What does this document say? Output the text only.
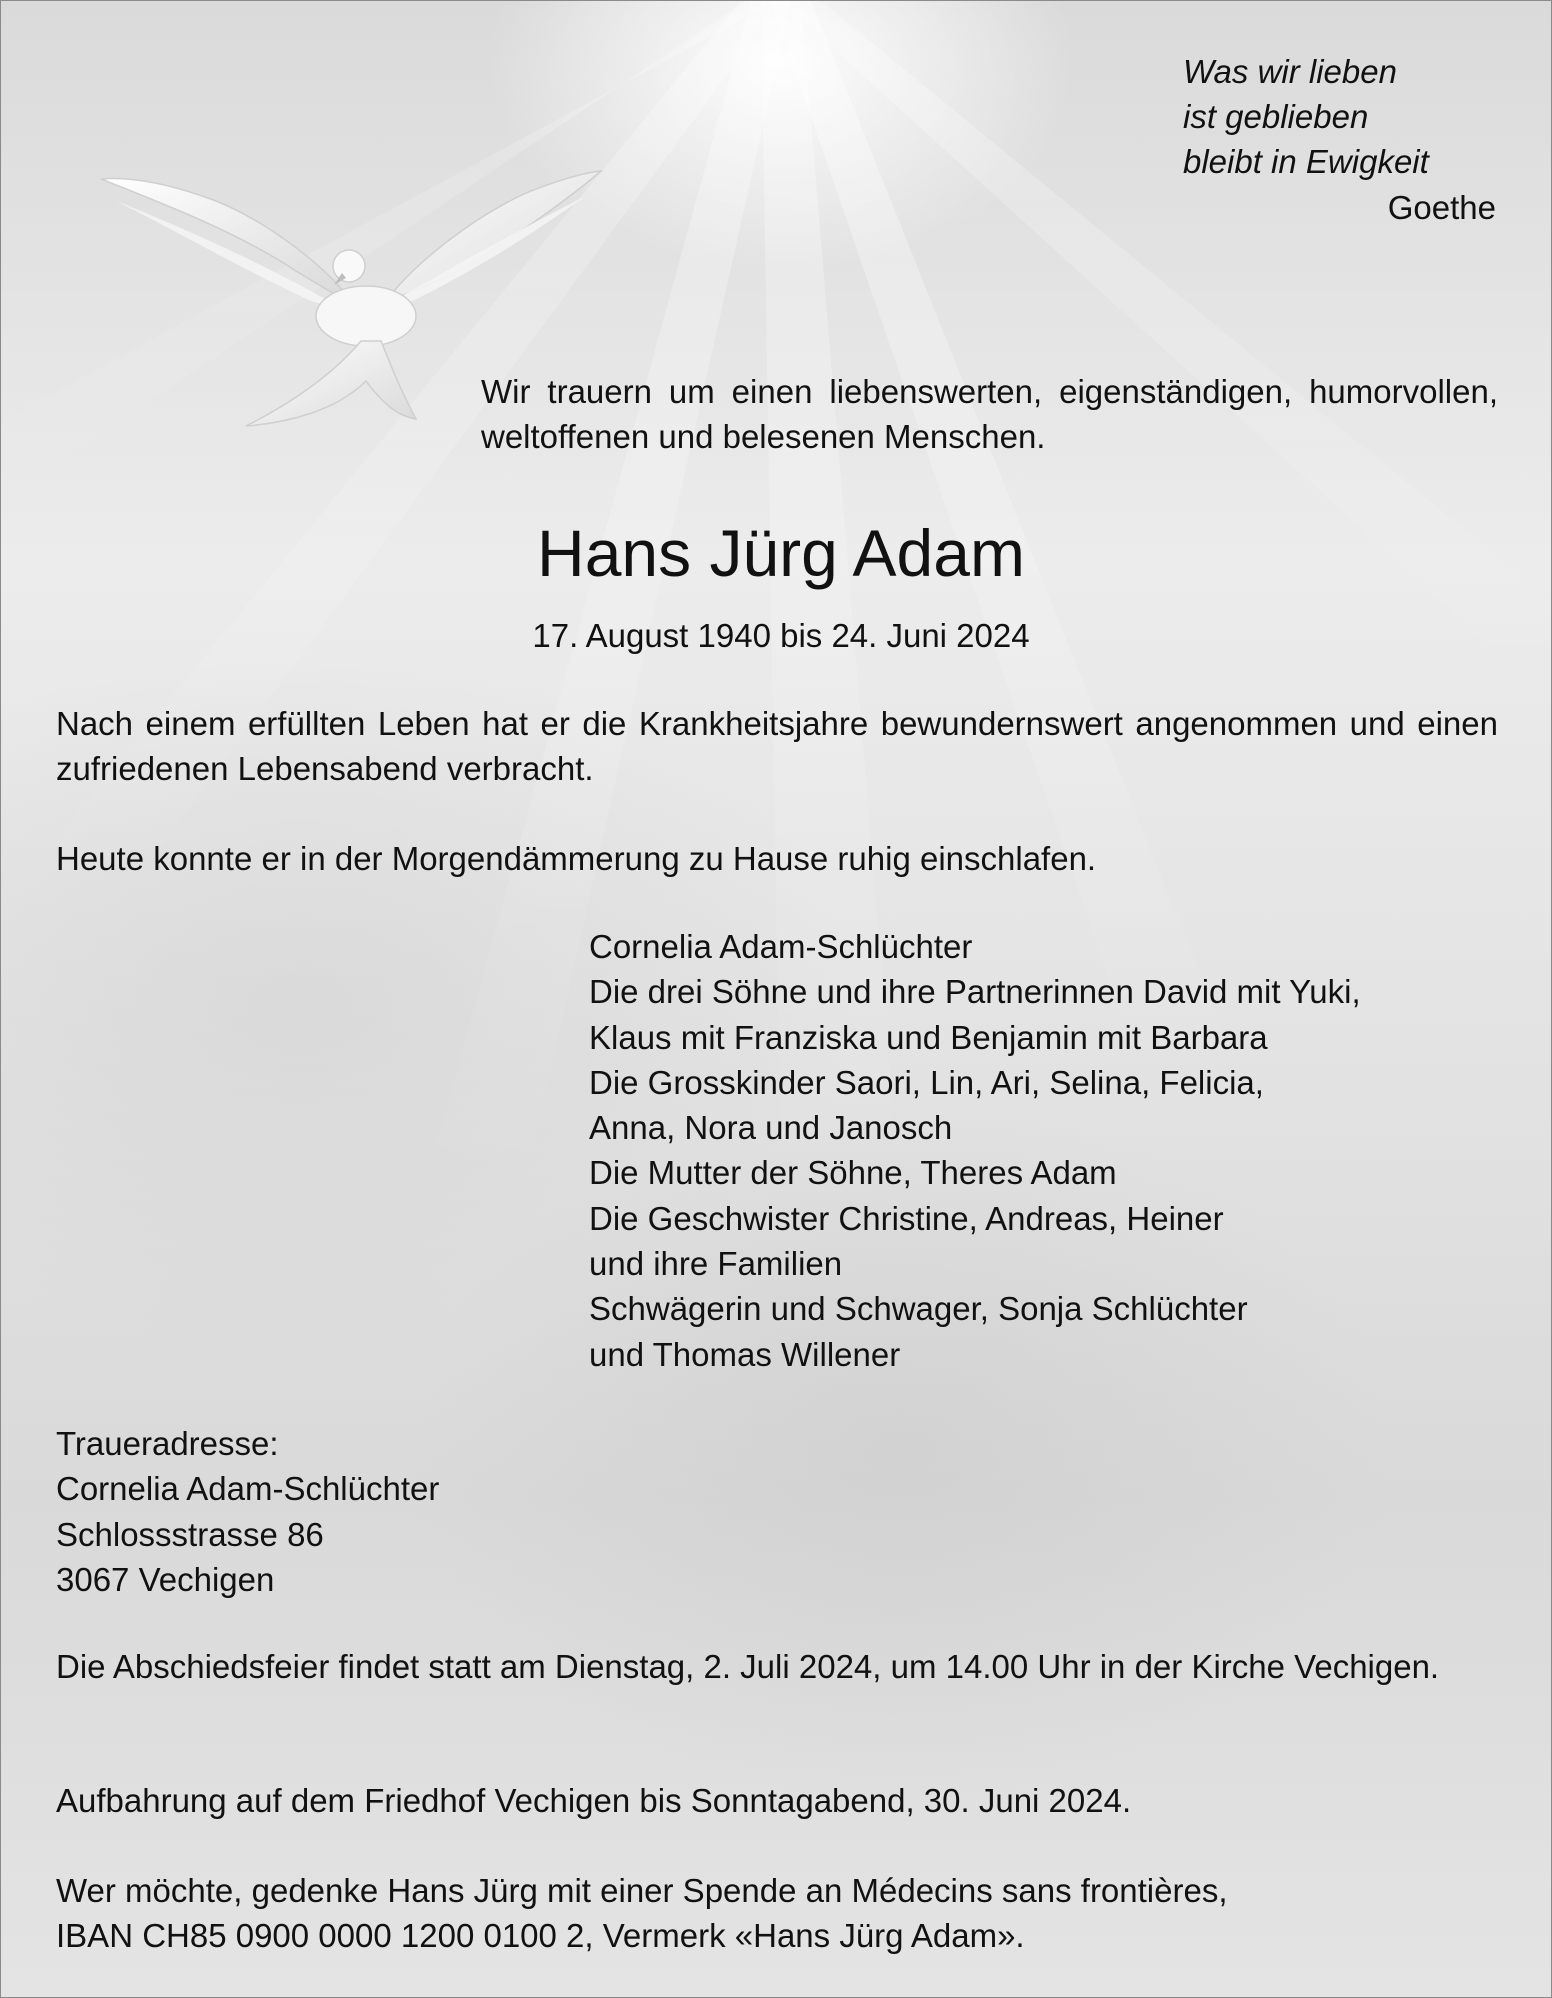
Was wir lieben
ist geblieben
bleibt in Ewigkeit
Goethe
Wir trauern um einen liebenswerten, eigenständigen, humorvollen, weltoffenen und belesenen Menschen.
Hans Jürg Adam
17. August 1940 bis 24. Juni 2024
Nach einem erfüllten Leben hat er die Krankheitsjahre bewundernswert angenommen und einen zufriedenen Lebensabend verbracht.
Heute konnte er in der Morgendämmerung zu Hause ruhig einschlafen.
Cornelia Adam-Schlüchter
Die drei Söhne und ihre Partnerinnen David mit Yuki,
Klaus mit Franziska und Benjamin mit Barbara
Die Grosskinder Saori, Lin, Ari, Selina, Felicia,
Anna, Nora und Janosch
Die Mutter der Söhne, Theres Adam
Die Geschwister Christine, Andreas, Heiner
und ihre Familien
Schwägerin und Schwager, Sonja Schlüchter
und Thomas Willener
Traueradresse:
Cornelia Adam-Schlüchter
Schlossstrasse 86
3067 Vechigen
Die Abschiedsfeier findet statt am Dienstag, 2. Juli 2024, um 14.00 Uhr in der Kirche Vechigen.
Aufbahrung auf dem Friedhof Vechigen bis Sonntagabend, 30. Juni 2024.
Wer möchte, gedenke Hans Jürg mit einer Spende an Médecins sans frontières,
IBAN CH85 0900 0000 1200 0100 2, Vermerk «Hans Jürg Adam».
